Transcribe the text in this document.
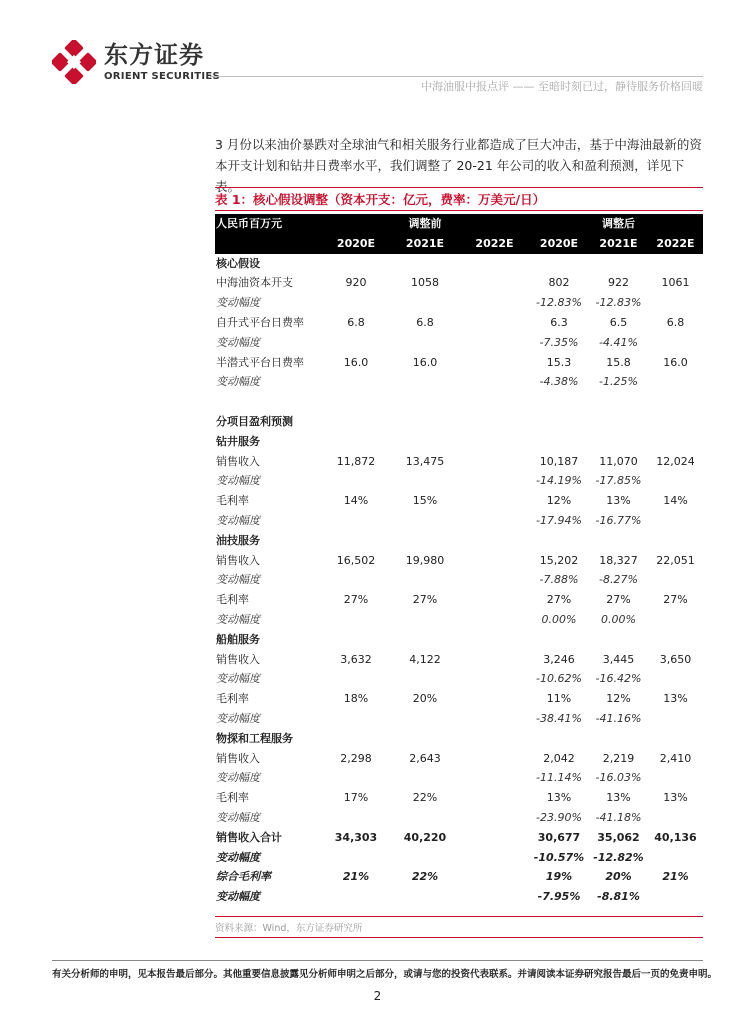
东方证券
ORIENT SECURITIES
中海油服中报点评 —— 至暗时刻已过，静待服务价格回暖

3 月份以来油价暴跌对全球油气和相关服务行业都造成了巨大冲击，基于中海油最新的资本开支计划和钻井日费率水平，我们调整了 20-21 年公司的收入和盈利预测，详见下表。

表 1：核心假设调整（资本开支：亿元，费率：万美元/日）
人民币百万元		调整前			调整后	
	2020E	2021E	2022E	2020E	2021E	2022E
核心假设						
中海油资本开支	920	1058		802	922	1061
变动幅度				-12.83%	-12.83%	
自升式平台日费率	6.8	6.8		6.3	6.5	6.8
变动幅度				-7.35%	-4.41%	
半潜式平台日费率	16.0	16.0		15.3	15.8	16.0
变动幅度				-4.38%	-1.25%	

分项目盈利预测						
钻井服务						
销售收入	11,872	13,475		10,187	11,070	12,024
变动幅度				-14.19%	-17.85%	
毛利率	14%	15%		12%	13%	14%
变动幅度				-17.94%	-16.77%	
油技服务						
销售收入	16,502	19,980		15,202	18,327	22,051
变动幅度				-7.88%	-8.27%	
毛利率	27%	27%		27%	27%	27%
变动幅度				0.00%	0.00%	
船舶服务						
销售收入	3,632	4,122		3,246	3,445	3,650
变动幅度				-10.62%	-16.42%	
毛利率	18%	20%		11%	12%	13%
变动幅度				-38.41%	-41.16%	
物探和工程服务						
销售收入	2,298	2,643		2,042	2,219	2,410
变动幅度				-11.14%	-16.03%	
毛利率	17%	22%		13%	13%	13%
变动幅度				-23.90%	-41.18%	
销售收入合计	34,303	40,220		30,677	35,062	40,136
变动幅度				-10.57%	-12.82%	
综合毛利率	21%	22%		19%	20%	21%
变动幅度				-7.95%	-8.81%	
资料来源：Wind，东方证券研究所
有关分析师的申明，见本报告最后部分。其他重要信息披露见分析师申明之后部分，或请与您的投资代表联系。并请阅读本证券研究报告最后一页的免责申明。
2
